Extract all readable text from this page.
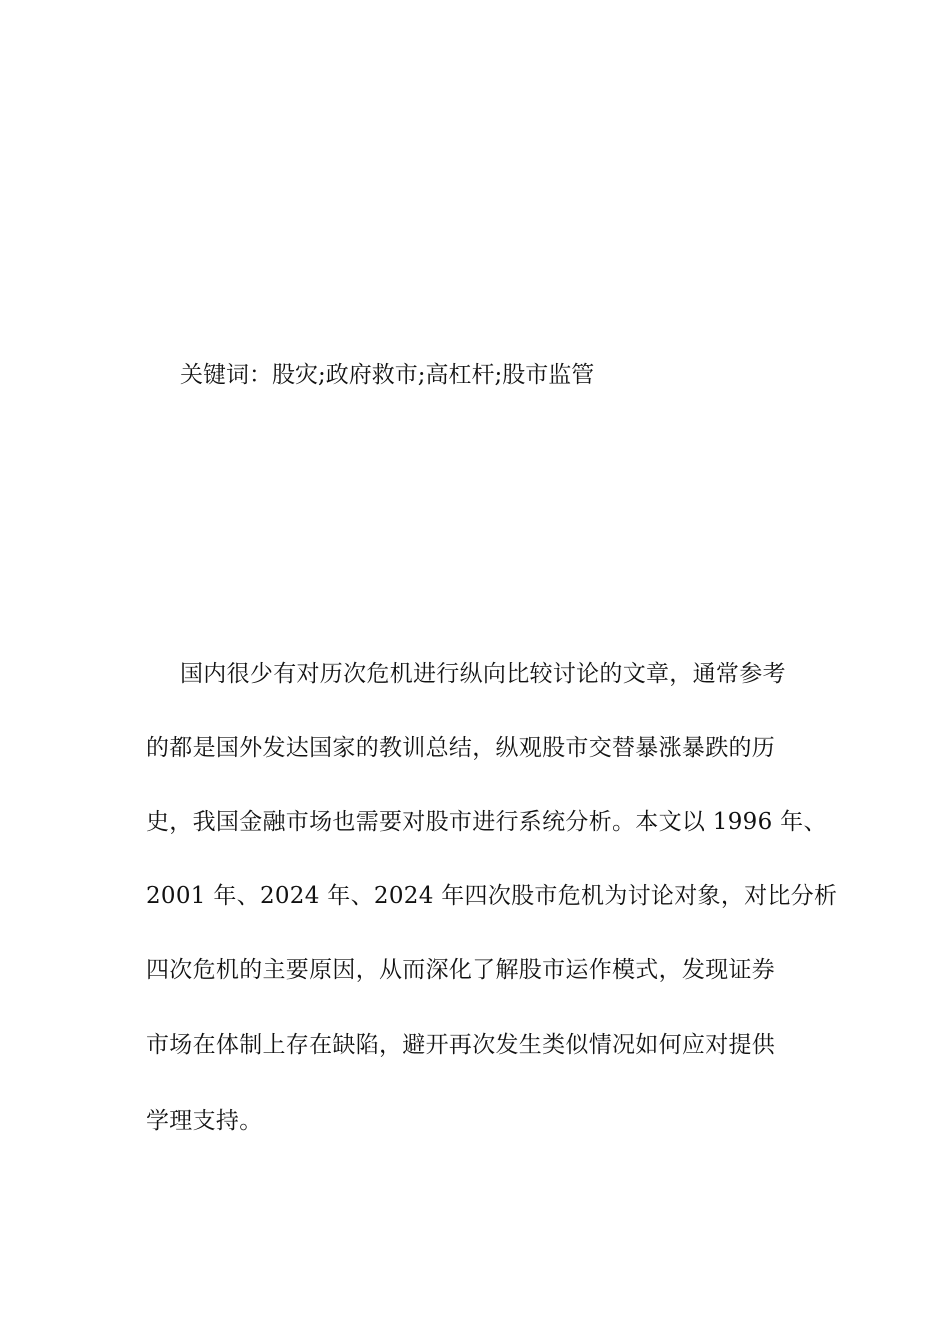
关键词：股灾;政府救市;高杠杆;股市监管
国内很少有对历次危机进行纵向比较讨论的文章，通常参考
的都是国外发达国家的教训总结，纵观股市交替暴涨暴跌的历
史，我国金融市场也需要对股市进行系统分析。本文以 1996 年、
2001 年、2024 年、2024 年四次股市危机为讨论对象，对比分析
四次危机的主要原因，从而深化了解股市运作模式，发现证券
市场在体制上存在缺陷，避开再次发生类似情况如何应对提供
学理支持。
